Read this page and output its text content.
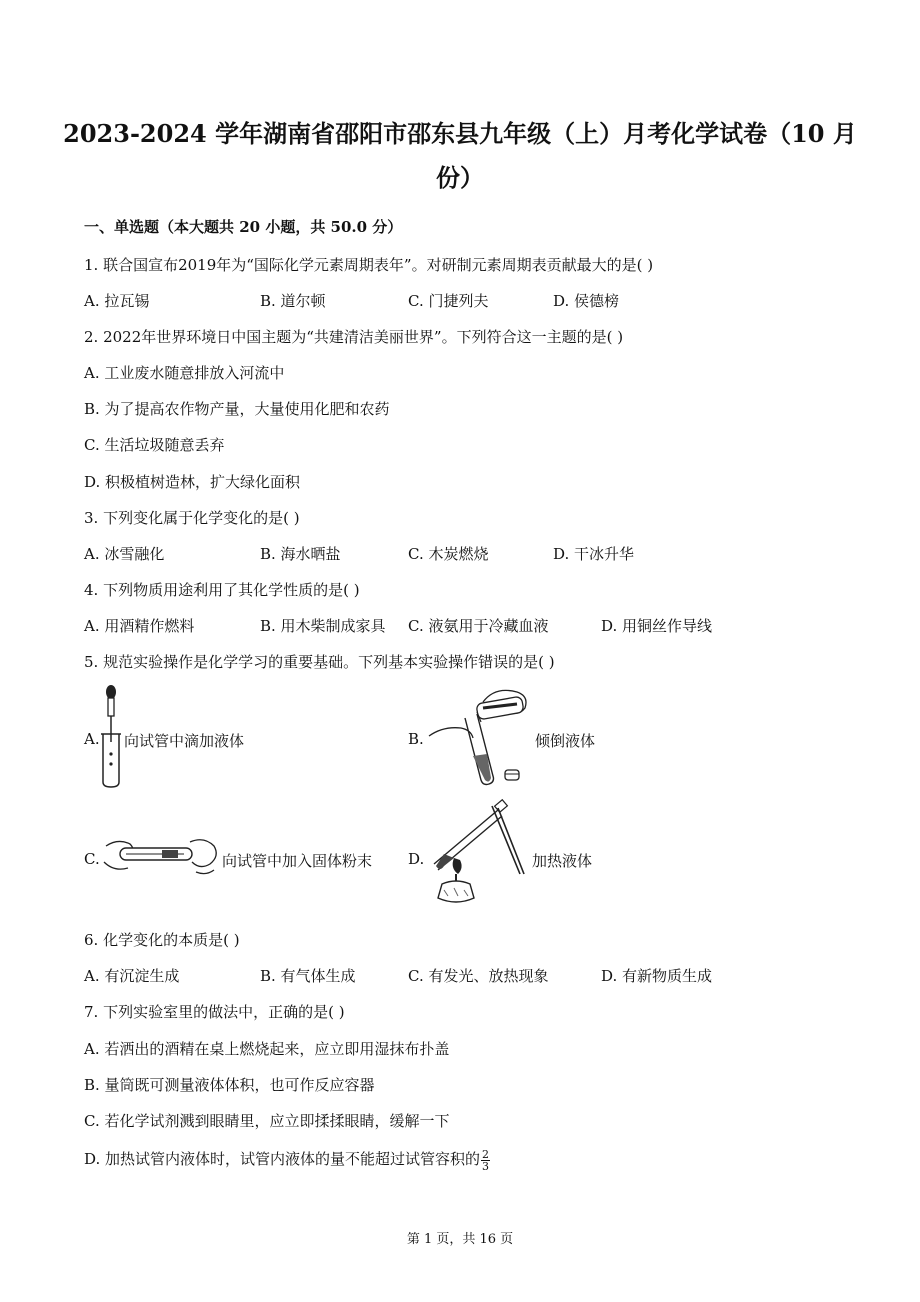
2023-2024 学年湖南省邵阳市邵东县九年级（上）月考化学试卷（10 月
份）
一、单选题（本大题共 20 小题，共 50.0 分）
1. 联合国宣布2019年为“国际化学元素周期表年”。对研制元素周期表贡献最大的是( )
A. 拉瓦锡	B. 道尔顿	C. 门捷列夫	D. 侯德榜
2. 2022年世界环境日中国主题为“共建清洁美丽世界”。下列符合这一主题的是( )
A. 工业废水随意排放入河流中
B. 为了提高农作物产量，大量使用化肥和农药
C. 生活垃圾随意丢弃
D. 积极植树造林，扩大绿化面积
3. 下列变化属于化学变化的是( )
A. 冰雪融化	B. 海水晒盐	C. 木炭燃烧	D. 干冰升华
4. 下列物质用途利用了其化学性质的是( )
A. 用酒精作燃料	B. 用木柴制成家具 C. 液氨用于冷藏血液	D. 用铜丝作导线
5. 规范实验操作是化学学习的重要基础。下列基本实验操作错误的是( )
A. 向试管中滴加液体	B.	倾倒液体
C.	向试管中加入固体粉末 D.	加热液体
6. 化学变化的本质是( )
A. 有沉淀生成	B. 有气体生成	C. 有发光、放热现象	D. 有新物质生成
7. 下列实验室里的做法中，正确的是( )
A. 若洒出的酒精在桌上燃烧起来，应立即用湿抹布扑盖
B. 量筒既可测量液体体积，也可作反应容器
C. 若化学试剂溅到眼睛里，应立即揉揉眼睛，缓解一下
D. 加热试管内液体时，试管内液体的量不能超过试管容积的 $\frac{2}{3}$
第 1 页，共 16 页
